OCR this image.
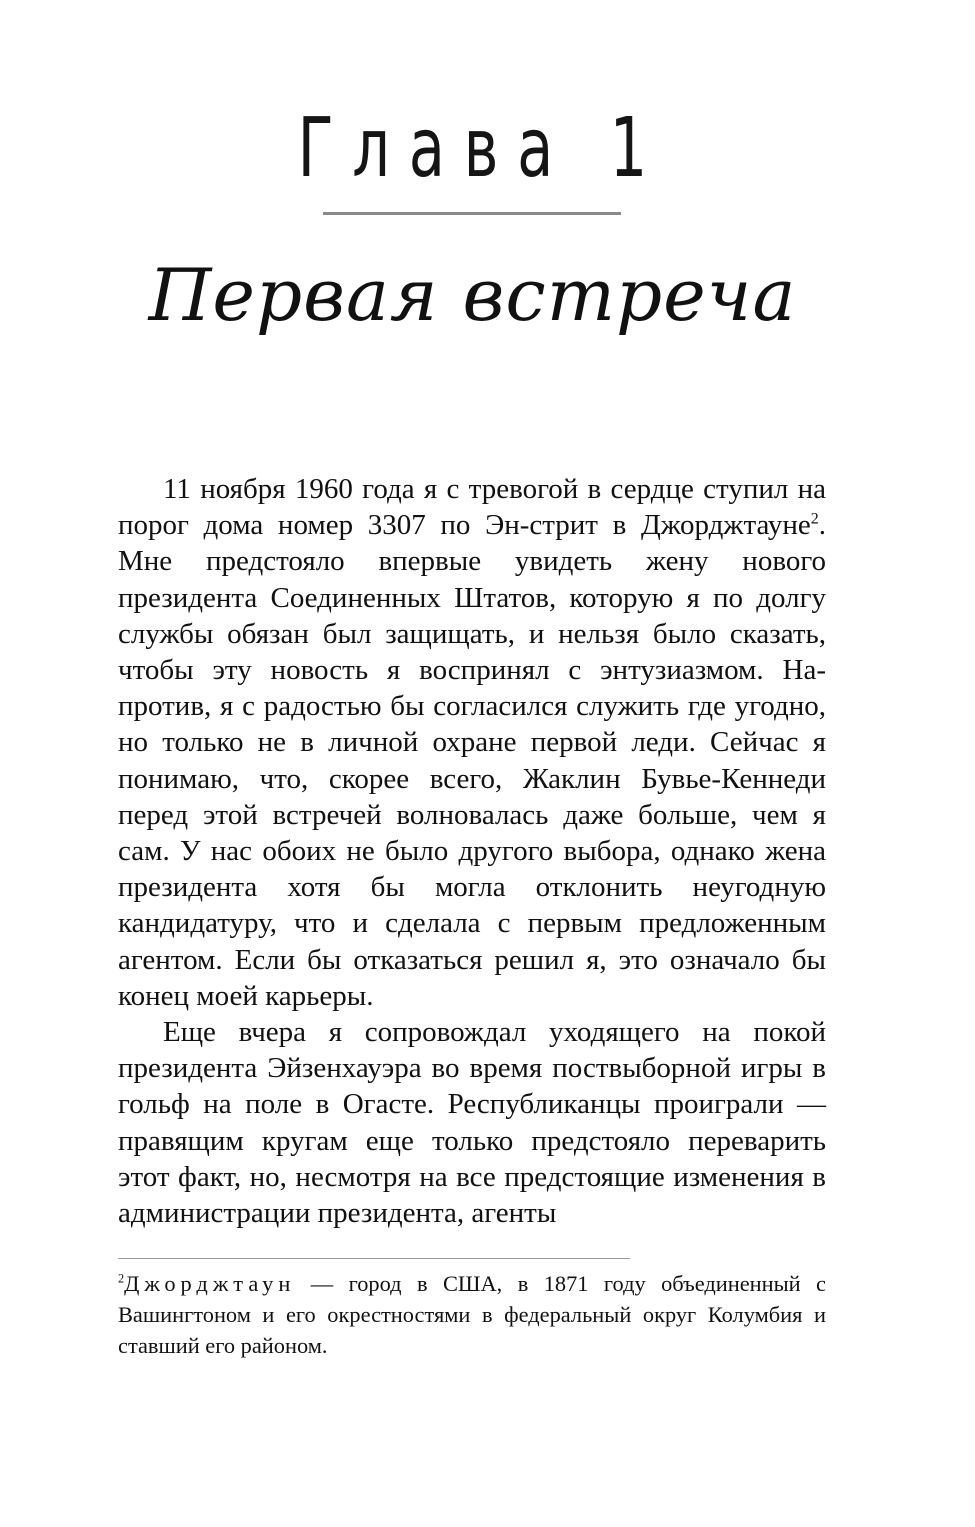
Глава 1
Первая встреча

11 ноября 1960 года я с тревогой в сердце ступил на порог дома номер 3307 по Эн-стрит в Джорджтауне$^2$. Мне предстояло впервые увидеть жену нового президента Соединенных Штатов, которую я по долгу службы обязан был защищать, и нельзя было сказать, чтобы эту новость я воспринял с энтузиазмом. Напротив, я с радостью бы согласился служить где угодно, но только не в личной охране первой леди. Сейчас я понимаю, что, скорее всего, Жаклин Бувье-Кеннеди перед этой встречей волновалась даже больше, чем я сам. У нас обоих не было другого выбора, однако жена президента хотя бы могла отклонить неугодную кандидатуру, что и сделала с первым предложенным агентом. Если бы отказаться решил я, это означало бы конец моей карьеры.

Еще вчера я сопровождал уходящего на покой президента Эйзенхауэра во время поствыборной игры в гольф на поле в Огасте. Республиканцы проиграли — правящим кругам еще только предстояло переварить этот факт, но, несмотря на все предстоящие изменения в администрации президента, агенты

$^2$Джорджтаун — город в США, в 1871 году объединенный с Вашингтоном и его окрестностями в федеральный округ Колумбия и ставший его районом.
